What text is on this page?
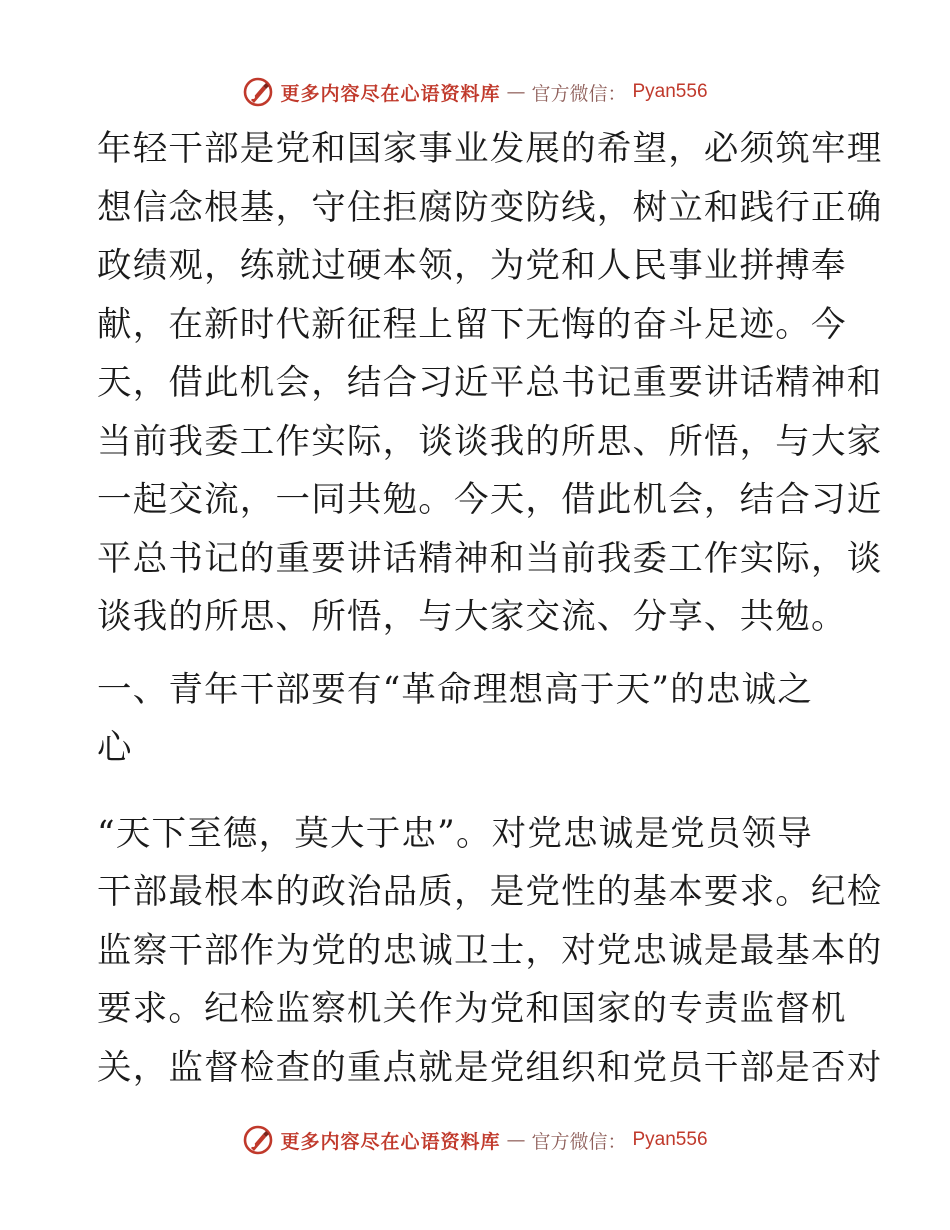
更多内容尽在心语资料库 — 官方微信： Pyan556
年轻干部是党和国家事业发展的希望，必须筑牢理
想信念根基，守住拒腐防变防线，树立和践行正确
政绩观，练就过硬本领，为党和人民事业拼搏奉
献，在新时代新征程上留下无悔的奋斗足迹。今
天，借此机会，结合习近平总书记重要讲话精神和
当前我委工作实际，谈谈我的所思、所悟，与大家
一起交流，一同共勉。今天，借此机会，结合习近
平总书记的重要讲话精神和当前我委工作实际，谈
谈我的所思、所悟，与大家交流、分享、共勉。
一、青年干部要有“革命理想高于天”的忠诚之
心
“天下至德，莫大于忠”。对党忠诚是党员领导
干部最根本的政治品质，是党性的基本要求。纪检
监察干部作为党的忠诚卫士，对党忠诚是最基本的
要求。纪检监察机关作为党和国家的专责监督机
关，监督检查的重点就是党组织和党员干部是否对
更多内容尽在心语资料库 — 官方微信： Pyan556
